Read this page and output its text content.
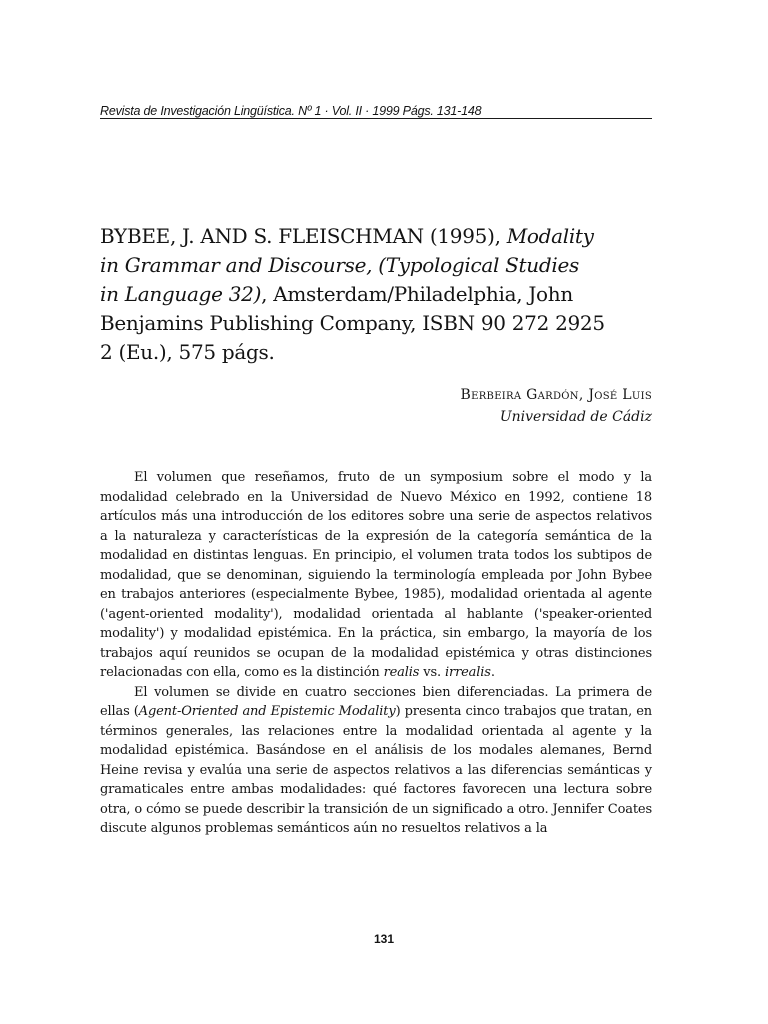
Revista de Investigación Lingüística. Nº 1 · Vol. II · 1999 Págs. 131-148
BYBEE, J. AND S. FLEISCHMAN (1995), Modality
in Grammar and Discourse, (Typological Studies
in Language 32), Amsterdam/Philadelphia, John
Benjamins Publishing Company, ISBN 90 272 2925
2 (Eu.), 575 págs.
Berbeira Gardón, José Luis
Universidad de Cádiz

El volumen que reseñamos, fruto de un symposium sobre el modo y la modalidad celebrado en la Universidad de Nuevo México en 1992, contiene 18 artículos más una introducción de los editores sobre una serie de aspectos relativos a la naturaleza y características de la expresión de la categoría semántica de la modalidad en distintas lenguas. En principio, el volumen trata todos los subtipos de modalidad, que se denominan, siguiendo la terminología empleada por John Bybee en trabajos anteriores (especialmente Bybee, 1985), modalidad orientada al agente ('agent-oriented modality'), modalidad orientada al hablante ('speaker-oriented modality') y modalidad epistémica. En la práctica, sin embargo, la mayoría de los trabajos aquí reunidos se ocupan de la modalidad epistémica y otras distinciones relacionadas con ella, como es la distinción realis vs. irrealis.

El volumen se divide en cuatro secciones bien diferenciadas. La primera de ellas (Agent-Oriented and Epistemic Modality) presenta cinco trabajos que tratan, en términos generales, las relaciones entre la modalidad orientada al agente y la modalidad epistémica. Basándose en el análisis de los modales alemanes, Bernd Heine revisa y evalúa una serie de aspectos relativos a las diferencias semánticas y gramaticales entre ambas modalidades: qué factores favorecen una lectura sobre otra, o cómo se puede describir la transición de un significado a otro. Jennifer Coates discute algunos problemas semánticos aún no resueltos relativos a la

131
